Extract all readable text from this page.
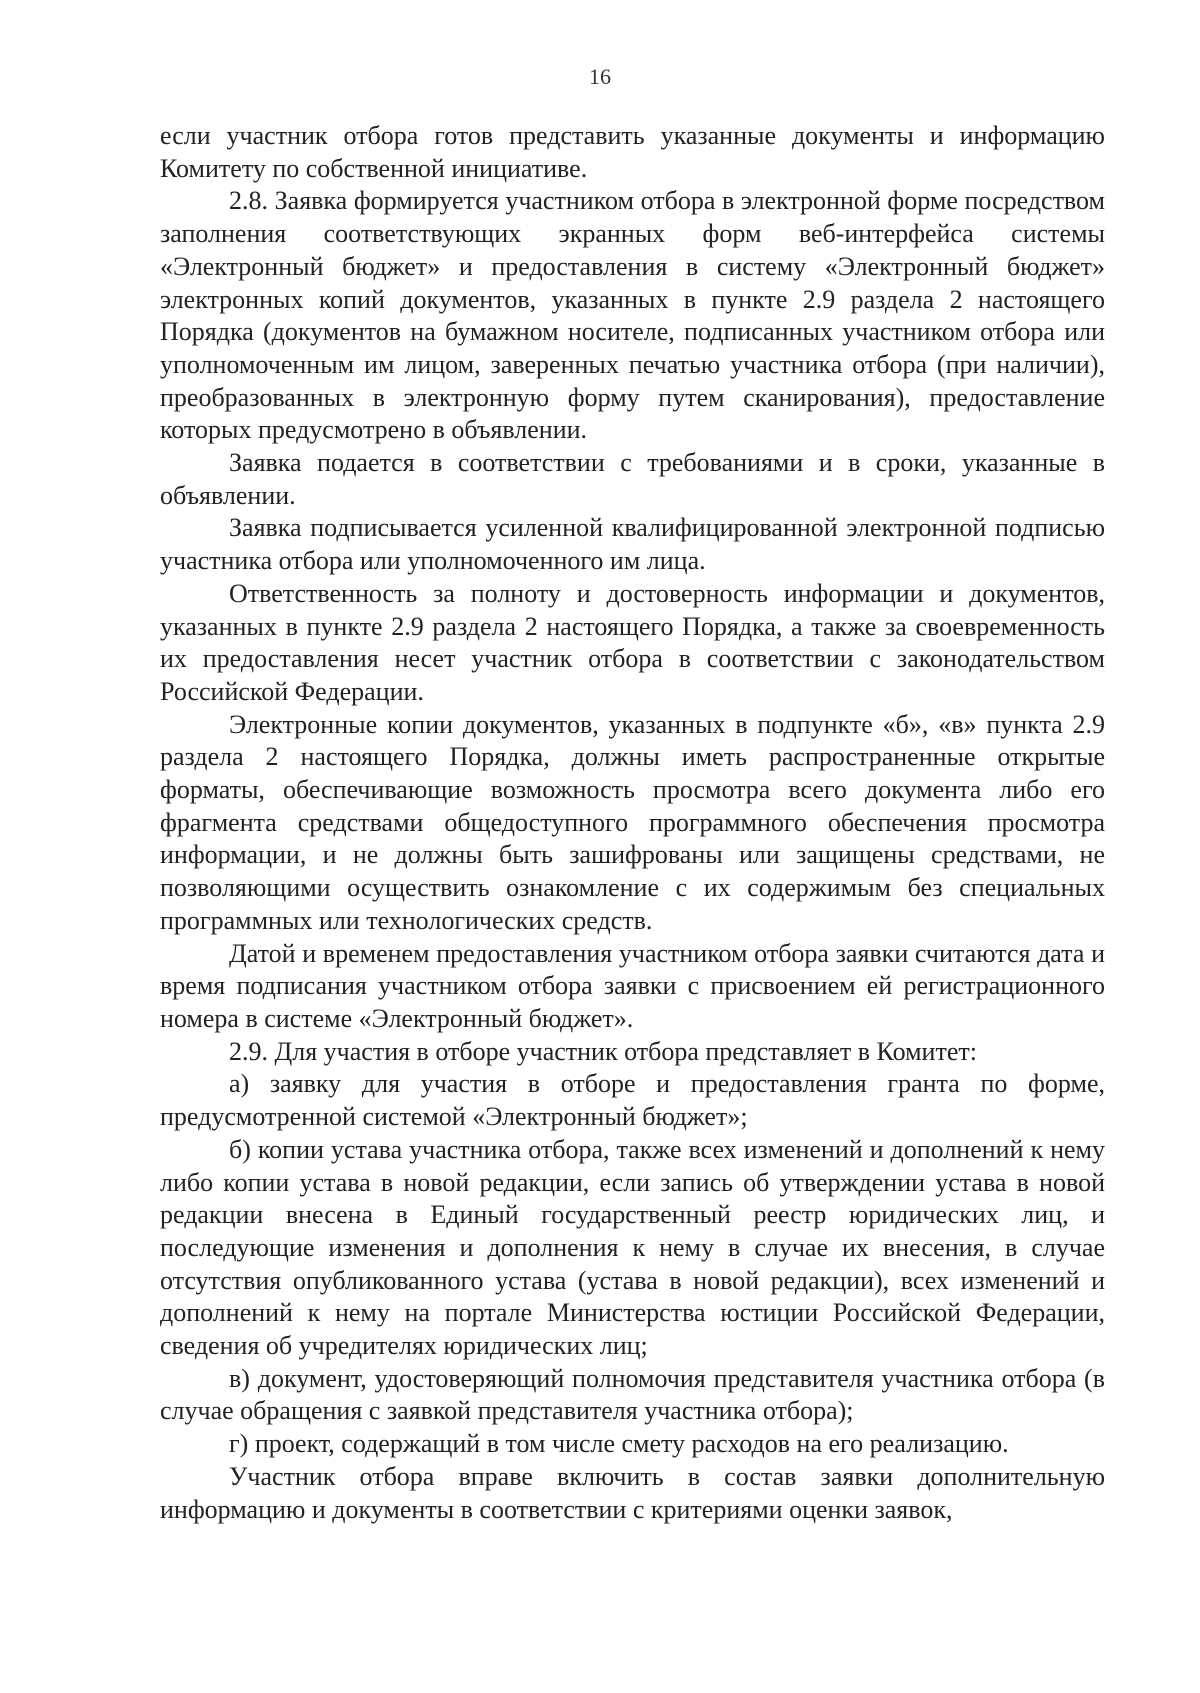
16

если участник отбора готов представить указанные документы и информацию Комитету по собственной инициативе.

2.8. Заявка формируется участником отбора в электронной форме посредством заполнения соответствующих экранных форм веб-интерфейса системы «Электронный бюджет» и предоставления в систему «Электронный бюджет» электронных копий документов, указанных в пункте 2.9 раздела 2 настоящего Порядка (документов на бумажном носителе, подписанных участником отбора или уполномоченным им лицом, заверенных печатью участника отбора (при наличии), преобразованных в электронную форму путем сканирования), предоставление которых предусмотрено в объявлении.

Заявка подается в соответствии с требованиями и в сроки, указанные в объявлении.

Заявка подписывается усиленной квалифицированной электронной подписью участника отбора или уполномоченного им лица.

Ответственность за полноту и достоверность информации и документов, указанных в пункте 2.9 раздела 2 настоящего Порядка, а также за своевременность их предоставления несет участник отбора в соответствии с законодательством Российской Федерации.

Электронные копии документов, указанных в подпункте «б», «в» пункта 2.9 раздела 2 настоящего Порядка, должны иметь распространенные открытые форматы, обеспечивающие возможность просмотра всего документа либо его фрагмента средствами общедоступного программного обеспечения просмотра информации, и не должны быть зашифрованы или защищены средствами, не позволяющими осуществить ознакомление с их содержимым без специальных программных или технологических средств.

Датой и временем предоставления участником отбора заявки считаются дата и время подписания участником отбора заявки с присвоением ей регистрационного номера в системе «Электронный бюджет».

2.9. Для участия в отборе участник отбора представляет в Комитет:

а) заявку для участия в отборе и предоставления гранта по форме, предусмотренной системой «Электронный бюджет»;

б) копии устава участника отбора, также всех изменений и дополнений к нему либо копии устава в новой редакции, если запись об утверждении устава в новой редакции внесена в Единый государственный реестр юридических лиц, и последующие изменения и дополнения к нему в случае их внесения, в случае отсутствия опубликованного устава (устава в новой редакции), всех изменений и дополнений к нему на портале Министерства юстиции Российской Федерации, сведения об учредителях юридических лиц;

в) документ, удостоверяющий полномочия представителя участника отбора (в случае обращения с заявкой представителя участника отбора);

г) проект, содержащий в том числе смету расходов на его реализацию.

Участник отбора вправе включить в состав заявки дополнительную информацию и документы в соответствии с критериями оценки заявок,
